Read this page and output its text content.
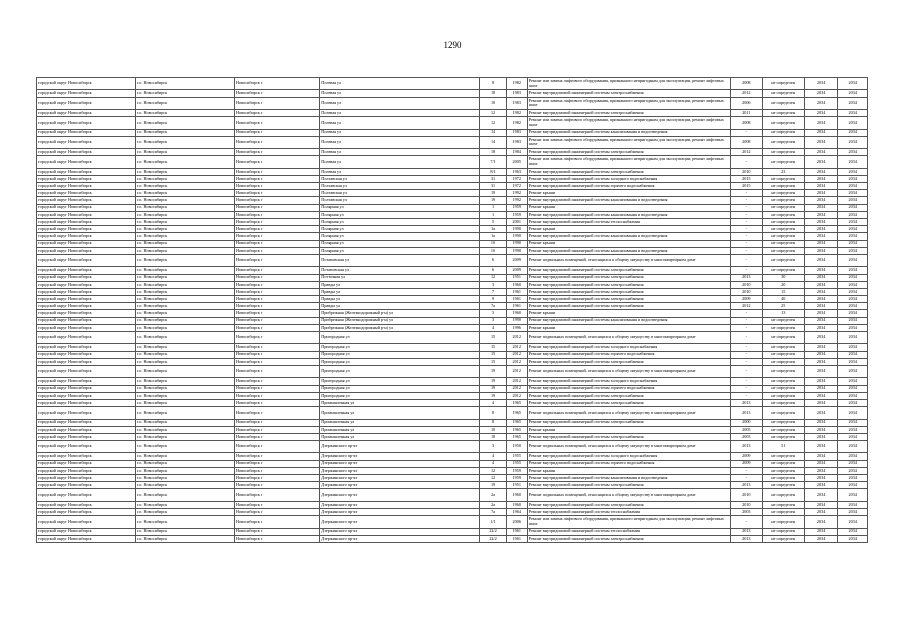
1290
городской округ Новосибирск	г.о. Новосибирск	Новосибирск г	Полевая ул	8	1982	Ремонт или замена лифтового оборудования, признанного непригодным для эксплуатации, ремонт лифтовых шахт	2008	не определен	2034	2034
городской округ Новосибирск	г.о. Новосибирск	Новосибирск г	Полевая ул	10	1983	Ремонт внутридомовой инженерной системы электроснабжения	2012	не определен	2034	2034
городской округ Новосибирск	г.о. Новосибирск	Новосибирск г	Полевая ул	10	1983	Ремонт или замена лифтового оборудования, признанного непригодным для эксплуатации, ремонт лифтовых шахт	2006	не определен	2034	2034
городской округ Новосибирск	г.о. Новосибирск	Новосибирск г	Полевая ул	12	1982	Ремонт внутридомовой инженерной системы электроснабжения	2011	не определен	2034	2034
городской округ Новосибирск	г.о. Новосибирск	Новосибирск г	Полевая ул	12	1982	Ремонт или замена лифтового оборудования, признанного непригодным для эксплуатации, ремонт лифтовых шахт	2008	не определен	2034	2034
городской округ Новосибирск	г.о. Новосибирск	Новосибирск г	Полевая ул	14	1983	Ремонт внутридомовой инженерной системы канализования и водоотведения	-	не определен	2034	2034
городской округ Новосибирск	г.о. Новосибирск	Новосибирск г	Полевая ул	14	1983	Ремонт или замена лифтового оборудования, признанного непригодным для эксплуатации, ремонт лифтовых шахт	2008	не определен	2034	2034
городской округ Новосибирск	г.о. Новосибирск	Новосибирск г	Полевая ул	18	1984	Ремонт внутридомовой инженерной системы электроснабжения	2012	не определен	2034	2034
городской округ Новосибирск	г.о. Новосибирск	Новосибирск г	Полевая ул	7/1	2005	Ремонт или замена лифтового оборудования, признанного непригодным для эксплуатации, ремонт лифтовых шахт	-	не определен	2034	2034
городской округ Новосибирск	г.о. Новосибирск	Новосибирск г	Полевая ул	8/1	1963	Ремонт внутридомовой инженерной системы электроснабжения	2010	23	2034	2034
городской округ Новосибирск	г.о. Новосибирск	Новосибирск г	Полтавская ул	31	1972	Ремонт внутридомовой инженерной системы холодного водоснабжения	2015	не определен	2034	2034
городской округ Новосибирск	г.о. Новосибирск	Новосибирск г	Полтавская ул	31	1972	Ремонт внутридомовой инженерной системы горячего водоснабжения	2015	не определен	2034	2034
городской округ Новосибирск	г.о. Новосибирск	Новосибирск г	Полтавская ул	19	1992	Ремонт крыши	-	не определен	2034	2034
городской округ Новосибирск	г.о. Новосибирск	Новосибирск г	Полтавская ул	19	1992	Ремонт внутридомовой инженерной системы канализования и водоотведения	-	не определен	2034	2034
городской округ Новосибирск	г.о. Новосибирск	Новосибирск г	Полярная ул	1	1959	Ремонт крыши	-	не определен	2034	2034
городской округ Новосибирск	г.о. Новосибирск	Новосибирск г	Полярная ул	1	1959	Ремонт внутридомовой инженерной системы канализования и водоотведения	-	не определен	2034	2034
городской округ Новосибирск	г.о. Новосибирск	Новосибирск г	Полярная ул	5	2001	Ремонт внутридомовой инженерной системы теплоснабжения	-	не определен	2034	2034
городской округ Новосибирск	г.о. Новосибирск	Новосибирск г	Полярная ул	1а	1990	Ремонт крыши	-	не определен	2034	2034
городской округ Новосибирск	г.о. Новосибирск	Новосибирск г	Полярная ул	1а	1990	Ремонт внутридомовой инженерной системы канализования и водоотведения	-	не определен	2034	2034
городской округ Новосибирск	г.о. Новосибирск	Новосибирск г	Полярная ул	1б	1990	Ремонт крыши	-	не определен	2034	2034
городской округ Новосибирск	г.о. Новосибирск	Новосибирск г	Полярная ул	1б	1990	Ремонт внутридомовой инженерной системы канализования и водоотведения	-	не определен	2034	2034
городской округ Новосибирск	г.о. Новосибирск	Новосибирск г	Потаповская ул	6	2009	Ремонт подвальных помещений, относящихся к общему имуществу в многоквартирном доме	-	не определен	2034	2034
городской округ Новосибирск	г.о. Новосибирск	Новосибирск г	Потаповская ул	6	2009	Ремонт внутридомовой инженерной системы электроснабжения	-	не определен	2034	2034
городской округ Новосибирск	г.о. Новосибирск	Новосибирск г	Потточная ул	12	1951	Ремонт внутридомовой инженерной системы электроснабжения	2013	30	2034	2034
городской округ Новосибирск	г.о. Новосибирск	Новосибирск г	Правды ул	3	1960	Ремонт внутридомовой инженерной системы электроснабжения	2010	20	2034	2034
городской округ Новосибирск	г.о. Новосибирск	Новосибирск г	Правды ул	7	1961	Ремонт внутридомовой инженерной системы электроснабжения	2010	15	2034	2034
городской округ Новосибирск	г.о. Новосибирск	Новосибирск г	Правды ул	9	1961	Ремонт внутридомовой инженерной системы электроснабжения	2009	40	2034	2034
городской округ Новосибирск	г.о. Новосибирск	Новосибирск г	Правды ул	7а	1961	Ремонт внутридомовой инженерной системы электроснабжения	2012	25	2034	2034
городской округ Новосибирск	г.о. Новосибирск	Новосибирск г	Прибрежная (Железнодорожный р-н) ул	3	1960	Ремонт крыши	-	13	2034	2034
городской округ Новосибирск	г.о. Новосибирск	Новосибирск г	Прибрежная (Железнодорожный р-н) ул	3	1990	Ремонт внутридомовой инженерной системы канализования и водоотведения	-	не определен	2034	2034
городской округ Новосибирск	г.о. Новосибирск	Новосибирск г	Прибрежная (Железнодорожный р-н) ул	4	1996	Ремонт крыши	-	не определен	2034	2034
городской округ Новосибирск	г.о. Новосибирск	Новосибирск г	Пригородная ул	15	2012	Ремонт подвальных помещений, относящихся к общему имуществу в многоквартирном доме	-	не определен	2034	2034
городской округ Новосибирск	г.о. Новосибирск	Новосибирск г	Пригородная ул	15	2012	Ремонт внутридомовой инженерной системы холодного водоснабжения	-	не определен	2034	2034
городской округ Новосибирск	г.о. Новосибирск	Новосибирск г	Пригородная ул	15	2012	Ремонт внутридомовой инженерной системы горячего водоснабжения	-	не определен	2034	2034
городской округ Новосибирск	г.о. Новосибирск	Новосибирск г	Пригородная ул	15	2012	Ремонт внутридомовой инженерной системы электроснабжения	-	не определен	2034	2034
городской округ Новосибирск	г.о. Новосибирск	Новосибирск г	Пригородная ул	19	2012	Ремонт подвальных помещений, относящихся к общему имуществу в многоквартирном доме	-	не определен	2034	2034
городской округ Новосибирск	г.о. Новосибирск	Новосибирск г	Пригородная ул	19	2012	Ремонт внутридомовой инженерной системы холодного водоснабжения	-	не определен	2034	2034
городской округ Новосибирск	г.о. Новосибирск	Новосибирск г	Пригородная ул	19	2012	Ремонт внутридомовой инженерной системы горячего водоснабжения	-	не определен	2034	2034
городской округ Новосибирск	г.о. Новосибирск	Новосибирск г	Пригородная ул	19	2012	Ремонт внутридомовой инженерной системы электроснабжения	-	не определен	2034	2034
городской округ Новосибирск	г.о. Новосибирск	Новосибирск г	Промышленная ул	4	1965	Ремонт внутридомовой инженерной системы электроснабжения	2013	не определен	2034	2034
городской округ Новосибирск	г.о. Новосибирск	Новосибирск г	Промышленная ул	8	1965	Ремонт подвальных помещений, относящихся к общему имуществу в многоквартирном доме	2013	не определен	2034	2034
городской округ Новосибирск	г.о. Новосибирск	Новосибирск г	Промышленная ул	8	1965	Ремонт внутридомовой инженерной системы электроснабжения	2000	не определен	2034	2034
городской округ Новосибирск	г.о. Новосибирск	Новосибирск г	Промышленная ул	10	1965	Ремонт крыши	2005	не определен	2034	2034
городской округ Новосибирск	г.о. Новосибирск	Новосибирск г	Промышленная ул	10	1965	Ремонт внутридомовой инженерной системы электроснабжения	2003	не определен	2034	2034
городской округ Новосибирск	г.о. Новосибирск	Новосибирск г	Дзержинского пр-кт	3	1950	Ремонт подвальных помещений, относящихся к общему имуществу в многоквартирном доме	2013	51	2034	2034
городской округ Новосибирск	г.о. Новосибирск	Новосибирск г	Дзержинского пр-кт	4	1955	Ремонт внутридомовой инженерной системы холодного водоснабжения	2009	не определен	2034	2034
городской округ Новосибирск	г.о. Новосибирск	Новосибирск г	Дзержинского пр-кт	4	1955	Ремонт внутридомовой инженерной системы горячего водоснабжения	2009	не определен	2034	2034
городской округ Новосибирск	г.о. Новосибирск	Новосибирск г	Дзержинского пр-кт	12	1959	Ремонт крыши	-	не определен	2034	2034
городской округ Новосибирск	г.о. Новосибирск	Новосибирск г	Дзержинского пр-кт	12	1959	Ремонт внутридомовой инженерной системы канализования и водоотведения	-	не определен	2034	2034
городской округ Новосибирск	г.о. Новосибирск	Новосибирск г	Дзержинского пр-кт	19	1951	Ремонт внутридомовой инженерной системы электроснабжения	2013	не определен	2034	2034
городской округ Новосибирск	г.о. Новосибирск	Новосибирск г	Дзержинского пр-кт	2а	1960	Ремонт подвальных помещений, относящихся к общему имуществу в многоквартирном доме	2010	не определен	2034	2034
городской округ Новосибирск	г.о. Новосибирск	Новосибирск г	Дзержинского пр-кт	2а	1960	Ремонт внутридомовой инженерной системы электроснабжения	2010	не определен	2034	2034
городской округ Новосибирск	г.о. Новосибирск	Новосибирск г	Дзержинского пр-кт	7а	1964	Ремонт внутридомовой инженерной системы теплоснабжения	2003	не определен	2034	2034
городской округ Новосибирск	г.о. Новосибирск	Новосибирск г	Дзержинского пр-кт	1/1	2006	Ремонт или замена лифтового оборудования, признанного непригодным для эксплуатации, ремонт лифтовых шахт	-	не определен	2034	2034
городской округ Новосибирск	г.о. Новосибирск	Новосибирск г	Дзержинского пр-кт	22/2	1961	Ремонт внутридомовой инженерной системы теплоснабжения	2013	не определен	2034	2034
городской округ Новосибирск	г.о. Новосибирск	Новосибирск г	Дзержинского пр-кт	22/2	1961	Ремонт внутридомовой инженерной системы электроснабжения	2013	не определен	2034	2034
